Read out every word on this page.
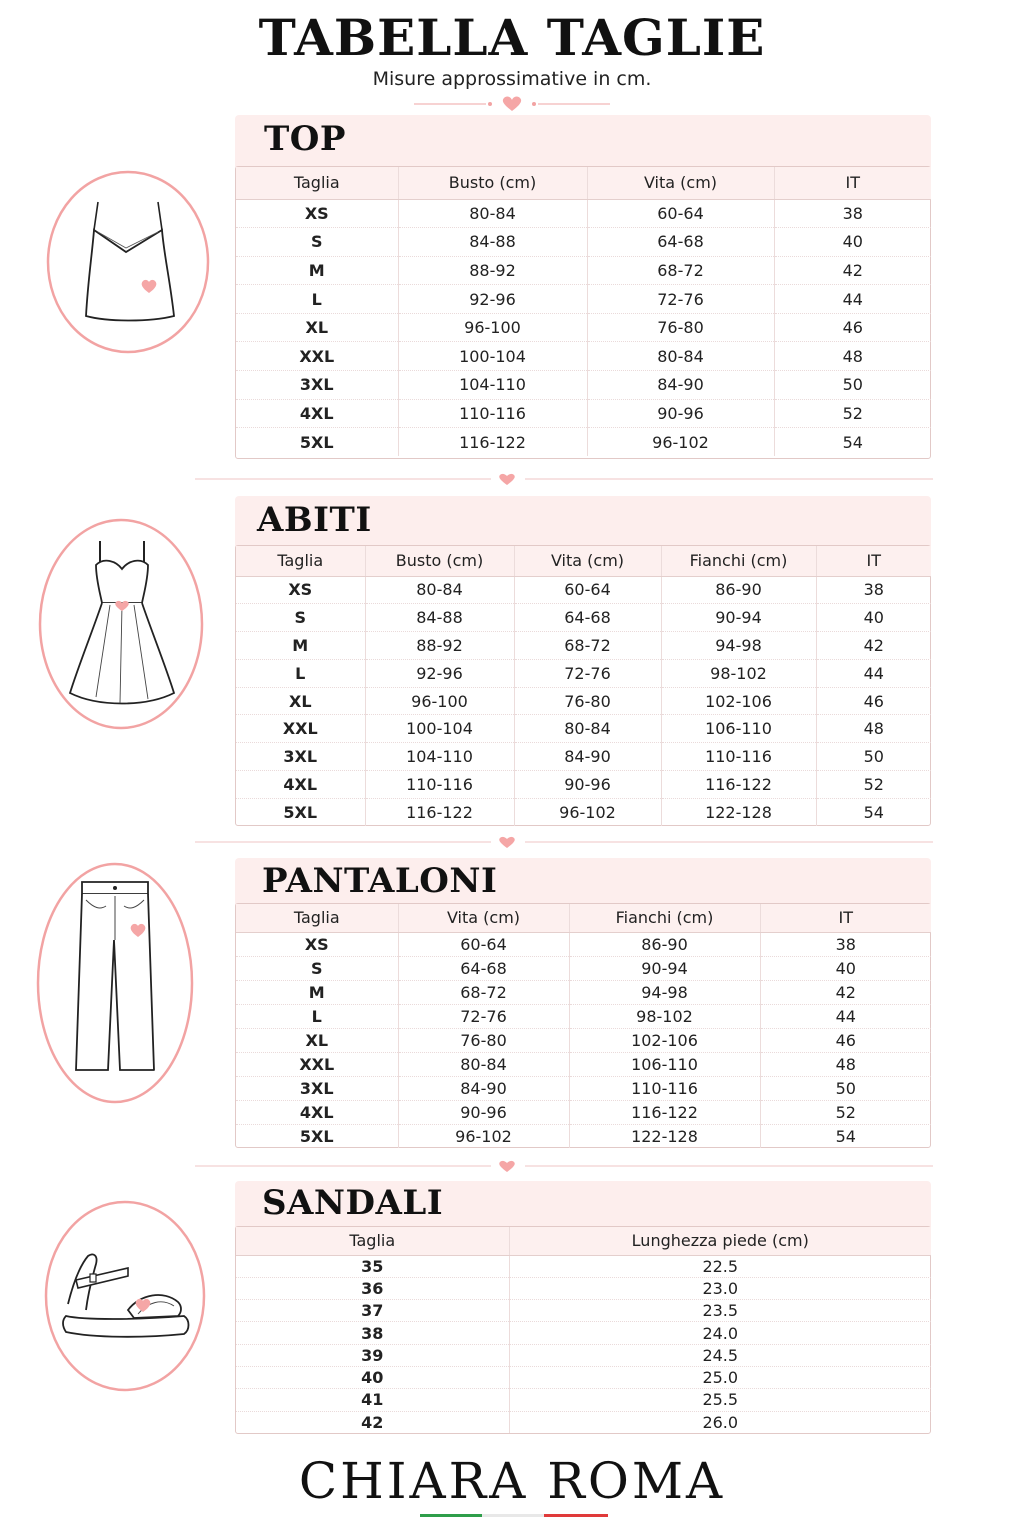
TABELLA TAGLIE
Misure approssimative in cm.
TOP
Taglia	Busto (cm)	Vita (cm)	IT
XS	80-84	60-64	38
S	84-88	64-68	40
M	88-92	68-72	42
L	92-96	72-76	44
XL	96-100	76-80	46
XXL	100-104	80-84	48
3XL	104-110	84-90	50
4XL	110-116	90-96	52
5XL	116-122	96-102	54
ABITI
Taglia	Busto (cm)	Vita (cm)	Fianchi (cm)	IT
XS	80-84	60-64	86-90	38
S	84-88	64-68	90-94	40
M	88-92	68-72	94-98	42
L	92-96	72-76	98-102	44
XL	96-100	76-80	102-106	46
XXL	100-104	80-84	106-110	48
3XL	104-110	84-90	110-116	50
4XL	110-116	90-96	116-122	52
5XL	116-122	96-102	122-128	54
PANTALONI
Taglia	Vita (cm)	Fianchi (cm)	IT
XS	60-64	86-90	38
S	64-68	90-94	40
M	68-72	94-98	42
L	72-76	98-102	44
XL	76-80	102-106	46
XXL	80-84	106-110	48
3XL	84-90	110-116	50
4XL	90-96	116-122	52
5XL	96-102	122-128	54
SANDALI
Taglia	Lunghezza piede (cm)
35	22.5
36	23.0
37	23.5
38	24.0
39	24.5
40	25.0
41	25.5
42	26.0
CHIARA ROMA
